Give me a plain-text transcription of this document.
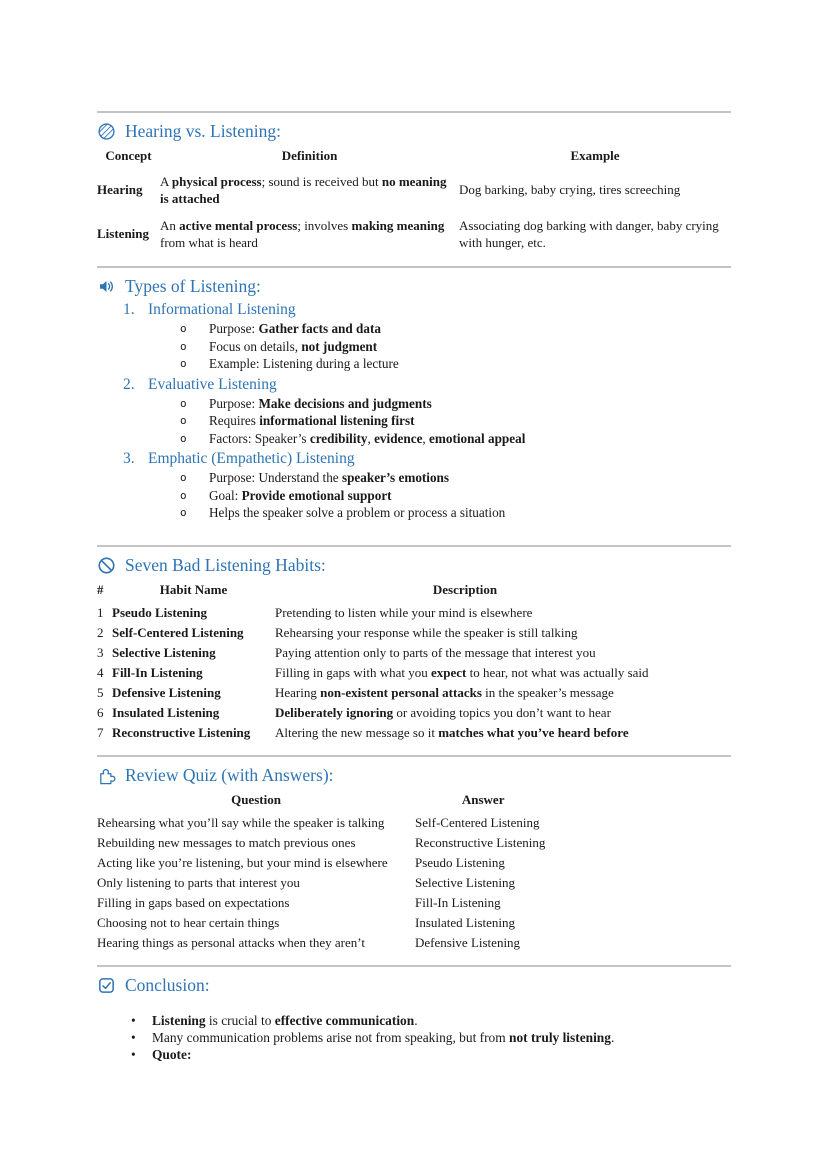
Hearing vs. Listening:
Concept	Definition	Example
Hearing	A physical process; sound is received but no meaning is attached	Dog barking, baby crying, tires screeching
Listening	An active mental process; involves making meaning from what is heard	Associating dog barking with danger, baby crying with hunger, etc.
Types of Listening:
1. Informational Listening
o	Purpose: Gather facts and data
o	Focus on details, not judgment
o	Example: Listening during a lecture
2. Evaluative Listening
o	Purpose: Make decisions and judgments
o	Requires informational listening first
o	Factors: Speaker’s credibility, evidence, emotional appeal
3. Emphatic (Empathetic) Listening
o	Purpose: Understand the speaker’s emotions
o	Goal: Provide emotional support
o	Helps the speaker solve a problem or process a situation
Seven Bad Listening Habits:
#	Habit Name	Description
1	Pseudo Listening	Pretending to listen while your mind is elsewhere
2	Self-Centered Listening	Rehearsing your response while the speaker is still talking
3	Selective Listening	Paying attention only to parts of the message that interest you
4	Fill-In Listening	Filling in gaps with what you expect to hear, not what was actually said
5	Defensive Listening	Hearing non-existent personal attacks in the speaker’s message
6	Insulated Listening	Deliberately ignoring or avoiding topics you don’t want to hear
7	Reconstructive Listening	Altering the new message so it matches what you’ve heard before
Review Quiz (with Answers):
Question	Answer
Rehearsing what you’ll say while the speaker is talking	Self-Centered Listening
Rebuilding new messages to match previous ones	Reconstructive Listening
Acting like you’re listening, but your mind is elsewhere	Pseudo Listening
Only listening to parts that interest you	Selective Listening
Filling in gaps based on expectations	Fill-In Listening
Choosing not to hear certain things	Insulated Listening
Hearing things as personal attacks when they aren’t	Defensive Listening
Conclusion:
•	Listening is crucial to effective communication.
•	Many communication problems arise not from speaking, but from not truly listening.
•	Quote:
